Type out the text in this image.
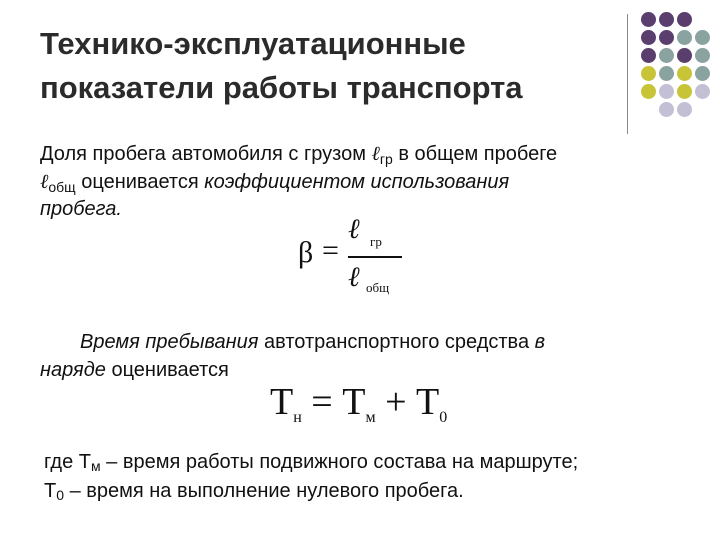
Технико-эксплуатационные
показатели работы транспорта
Доля пробега автомобиля с грузом ℓ$_{гр}$ в общем пробеге
ℓ$_{общ}$ оценивается коэффициентом использования
пробега.
β =
ℓ гр
ℓ общ
Время пребывания автотранспортного средства в
наряде оценивается
$T_н = T_м + T_0$
где Тм – время работы подвижного состава на маршруте;
Т0 – время на выполнение нулевого пробега.
